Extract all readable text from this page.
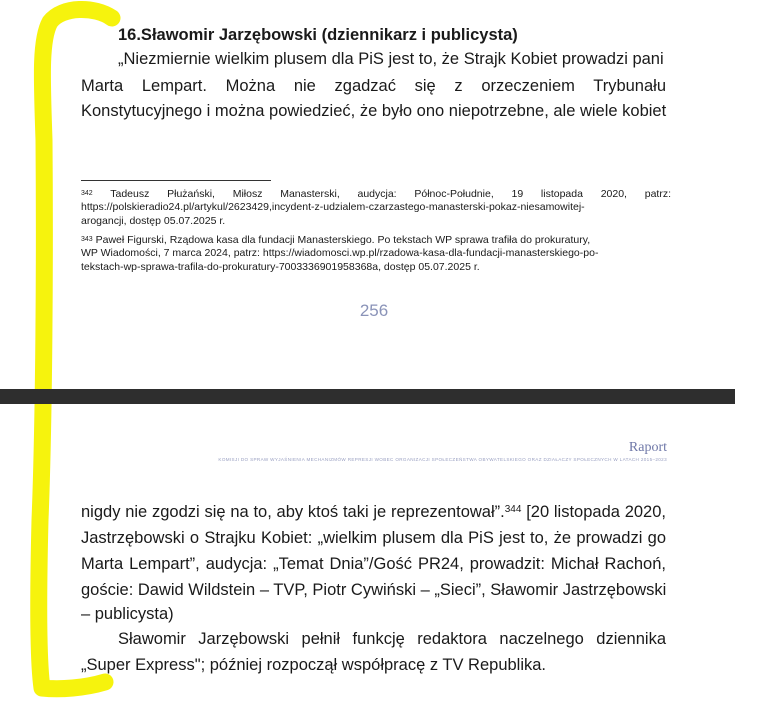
16.Sławomir Jarzębowski (dziennikarz i publicysta)
„Niezmiernie wielkim plusem dla PiS jest to, że Strajk Kobiet prowadzi pani
Marta Lempart. Można nie zgadzać się z orzeczeniem Trybunału
Konstytucyjnego i można powiedzieć, że było ono niepotrzebne, ale wiele kobiet
$^{342}$ Tadeusz Płużański, Miłosz Manasterski, audycja: Północ-Południe, 19 listopada 2020, patrz:
https://polskieradio24.pl/artykul/2623429,incydent-z-udzialem-czarzastego-manasterski-pokaz-niesamowitej-
arogancji, dostęp 05.07.2025 r.
$^{343}$ Paweł Figurski, Rządowa kasa dla fundacji Manasterskiego. Po tekstach WP sprawa trafiła do prokuratury,
WP Wiadomości, 7 marca 2024, patrz: https://wiadomosci.wp.pl/rzadowa-kasa-dla-fundacji-manasterskiego-po-
tekstach-wp-sprawa-trafila-do-prokuratury-7003336901958368a, dostęp 05.07.2025 r.
256
Raport
KOMISJI DO SPRAW WYJAŚNIENIA MECHANIZMÓW REPRESJI WOBEC ORGANIZACJI SPOŁECZEŃSTWA OBYWATELSKIEGO ORAZ DZIAŁACZY SPOŁECZNYCH W LATACH 2015–2023
nigdy nie zgodzi się na to, aby ktoś taki je reprezentował”.$^{344}$ [20 listopada 2020,
Jastrzębowski o Strajku Kobiet: „wielkim plusem dla PiS jest to, że prowadzi go
Marta Lempart”, audycja: „Temat Dnia”/Gość PR24, prowadzit: Michał Rachoń,
goście: Dawid Wildstein – TVP, Piotr Cywiński – „Sieci”, Sławomir Jastrzębowski
– publicysta)
Sławomir Jarzębowski pełnił funkcję redaktora naczelnego dziennika
„Super Express"; później rozpoczął współpracę z TV Republika.
